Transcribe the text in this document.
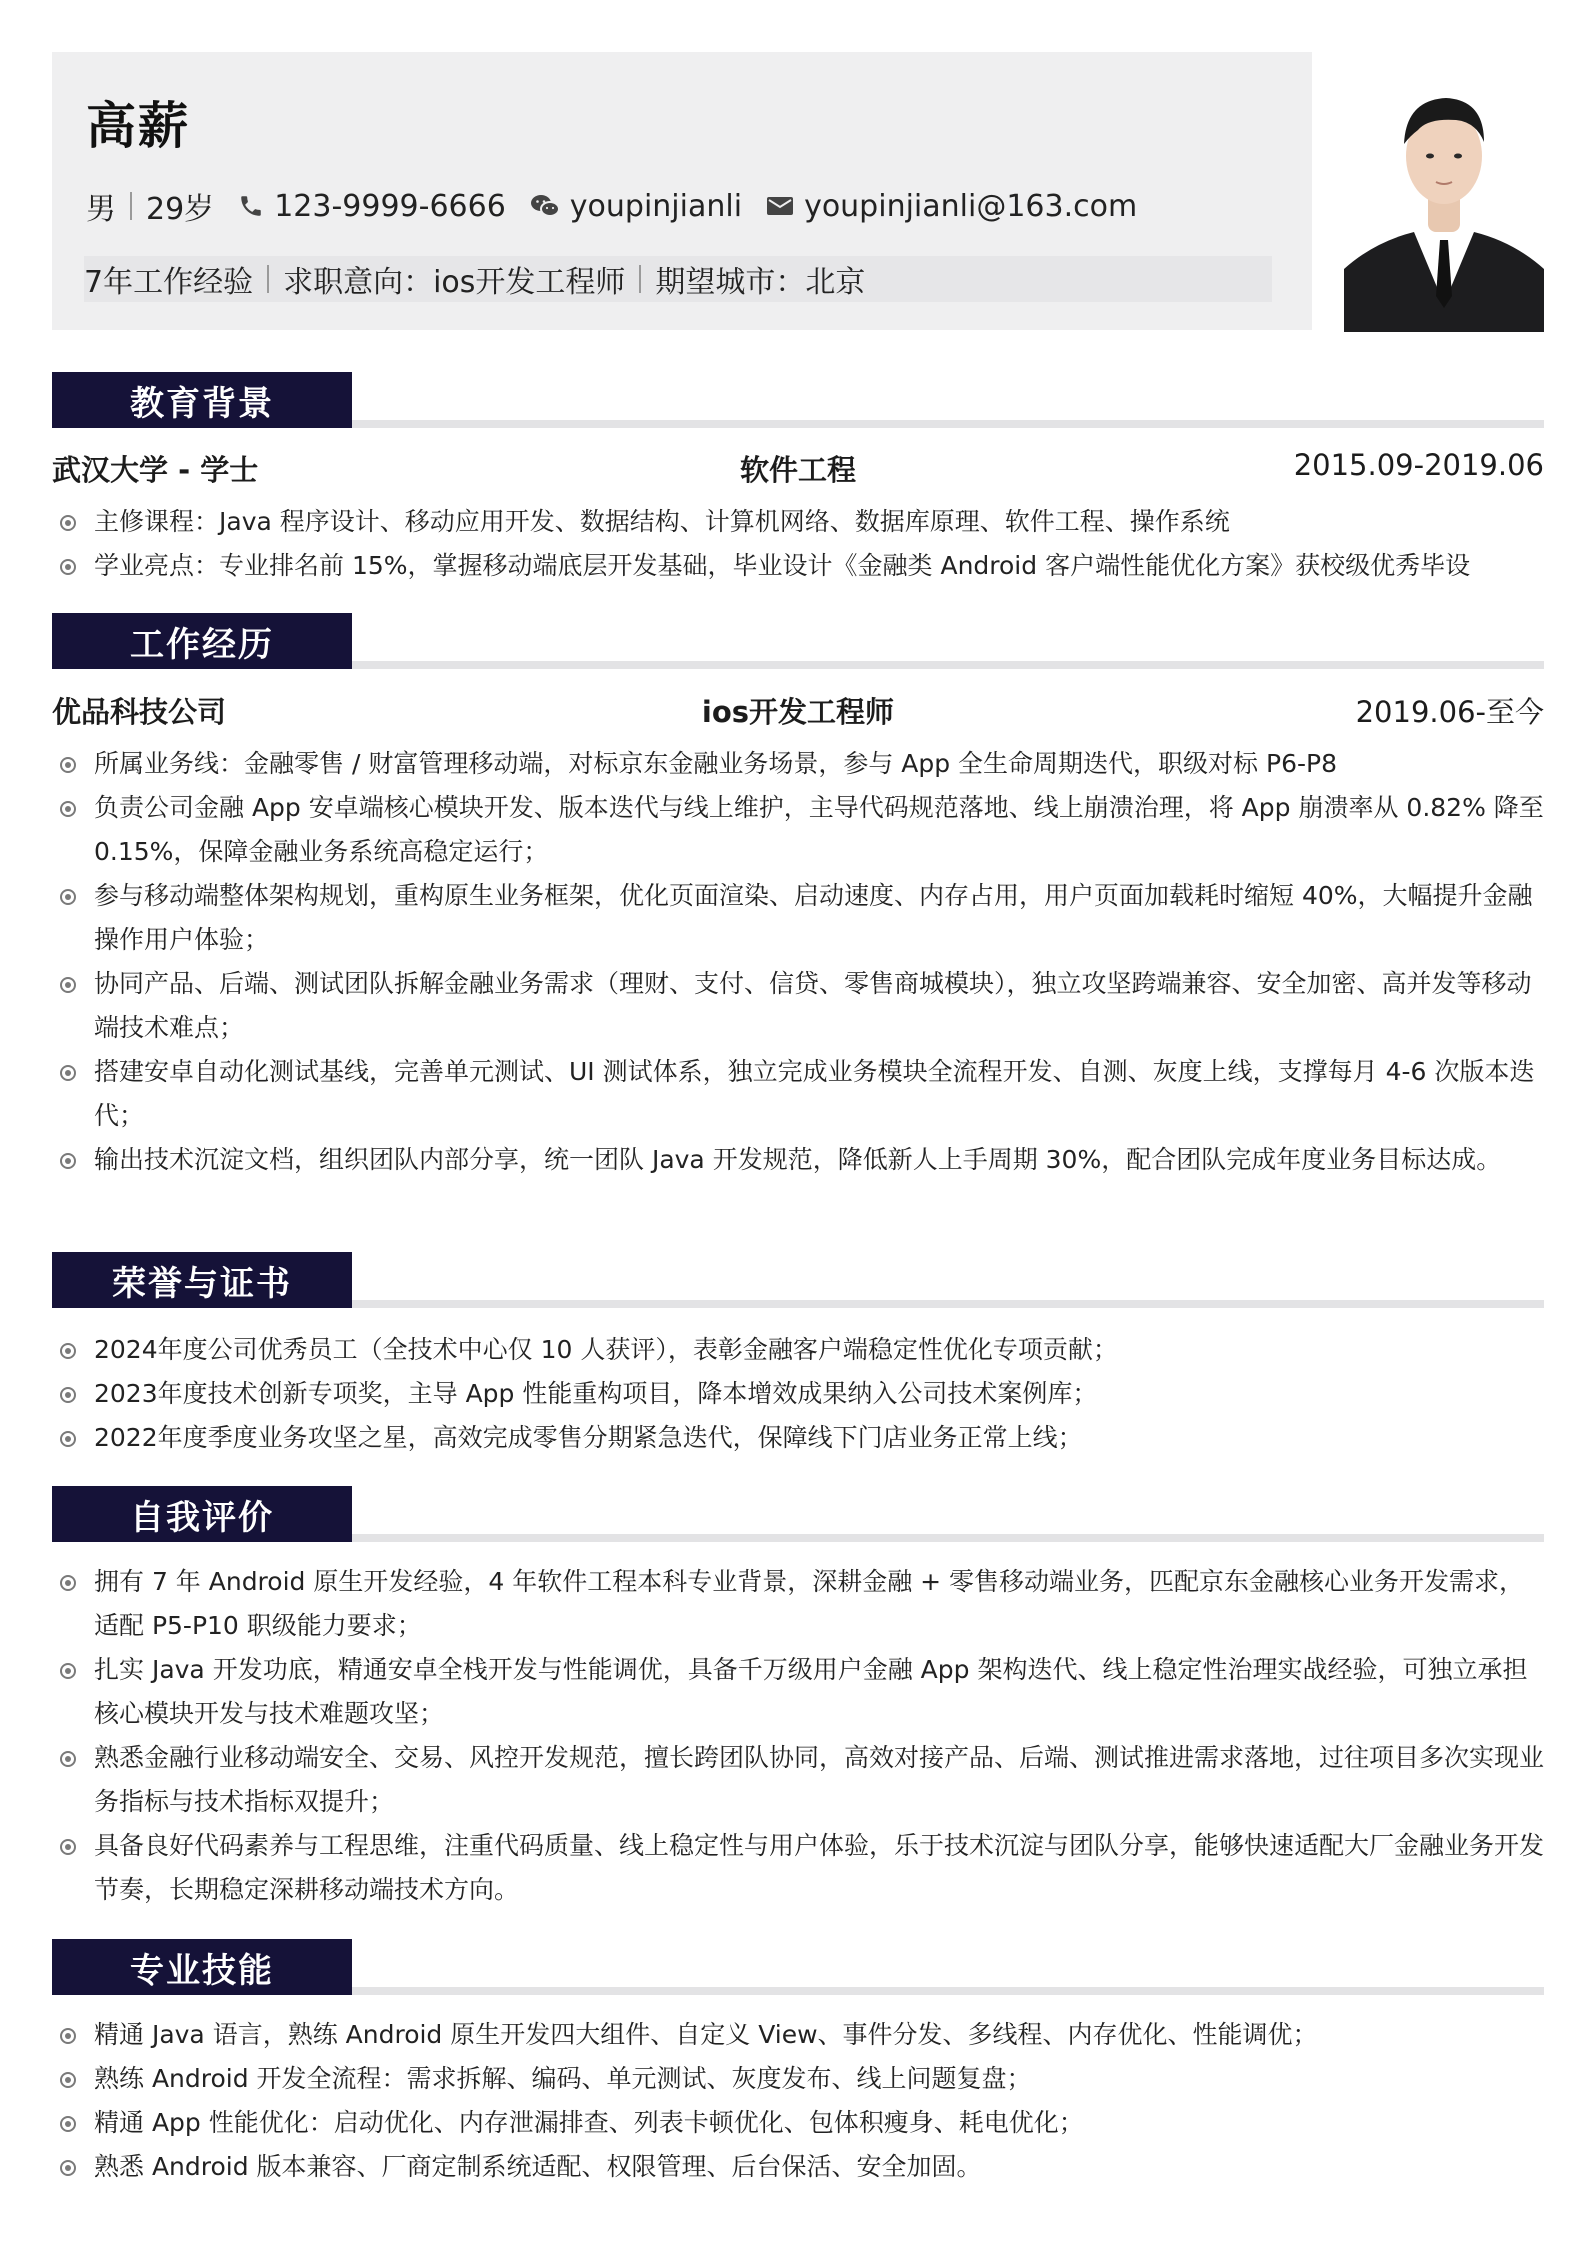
高薪
男 29岁 123-9999-6666 youpinjianli youpinjianli@163.com
7年工作经验 求职意向：ios开发工程师 期望城市：北京
教育背景
武汉大学 - 学士	软件工程	2015.09-2019.06
主修课程：Java 程序设计、移动应用开发、数据结构、计算机网络、数据库原理、软件工程、操作系统
学业亮点：专业排名前 15%，掌握移动端底层开发基础，毕业设计《金融类 Android 客户端性能优化方案》获校级优秀毕设
工作经历
优品科技公司	ios开发工程师	2019.06-至今
所属业务线：金融零售 / 财富管理移动端，对标京东金融业务场景，参与 App 全生命周期迭代，职级对标 P6-P8
负责公司金融 App 安卓端核心模块开发、版本迭代与线上维护，主导代码规范落地、线上崩溃治理，将 App 崩溃率从 0.82% 降至 0.15%，保障金融业务系统高稳定运行；
参与移动端整体架构规划，重构原生业务框架，优化页面渲染、启动速度、内存占用，用户页面加载耗时缩短 40%，大幅提升金融操作用户体验；
协同产品、后端、测试团队拆解金融业务需求（理财、支付、信贷、零售商城模块），独立攻坚跨端兼容、安全加密、高并发等移动端技术难点；
搭建安卓自动化测试基线，完善单元测试、UI 测试体系，独立完成业务模块全流程开发、自测、灰度上线，支撑每月 4-6 次版本迭代；
输出技术沉淀文档，组织团队内部分享，统一团队 Java 开发规范，降低新人上手周期 30%，配合团队完成年度业务目标达成。
荣誉与证书
2024年度公司优秀员工（全技术中心仅 10 人获评），表彰金融客户端稳定性优化专项贡献；
2023年度技术创新专项奖，主导 App 性能重构项目，降本增效成果纳入公司技术案例库；
2022年度季度业务攻坚之星，高效完成零售分期紧急迭代，保障线下门店业务正常上线；
自我评价
拥有 7 年 Android 原生开发经验，4 年软件工程本科专业背景，深耕金融 + 零售移动端业务，匹配京东金融核心业务开发需求，适配 P5-P10 职级能力要求；
扎实 Java 开发功底，精通安卓全栈开发与性能调优，具备千万级用户金融 App 架构迭代、线上稳定性治理实战经验，可独立承担核心模块开发与技术难题攻坚；
熟悉金融行业移动端安全、交易、风控开发规范，擅长跨团队协同，高效对接产品、后端、测试推进需求落地，过往项目多次实现业务指标与技术指标双提升；
具备良好代码素养与工程思维，注重代码质量、线上稳定性与用户体验，乐于技术沉淀与团队分享，能够快速适配大厂金融业务开发节奏，长期稳定深耕移动端技术方向。
专业技能
精通 Java 语言，熟练 Android 原生开发四大组件、自定义 View、事件分发、多线程、内存优化、性能调优；
熟练 Android 开发全流程：需求拆解、编码、单元测试、灰度发布、线上问题复盘；
精通 App 性能优化：启动优化、内存泄漏排查、列表卡顿优化、包体积瘦身、耗电优化；
熟悉 Android 版本兼容、厂商定制系统适配、权限管理、后台保活、安全加固。
